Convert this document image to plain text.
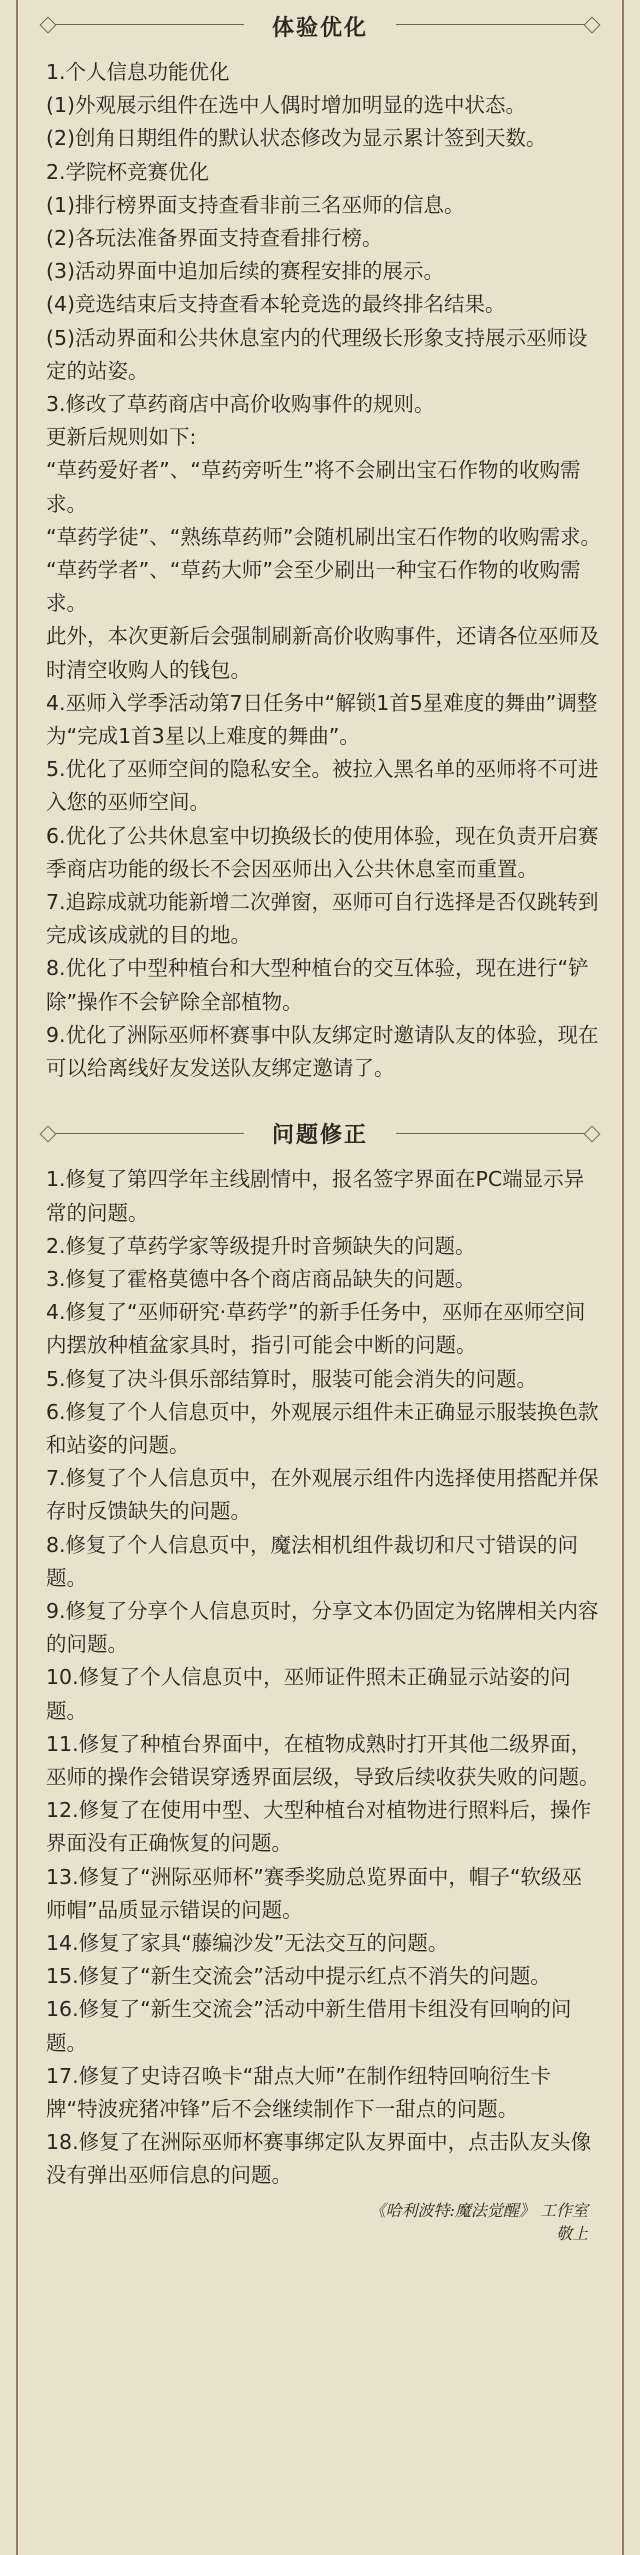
体验优化

1.个人信息功能优化

(1)外观展示组件在选中人偶时增加明显的选中状态。

(2)创角日期组件的默认状态修改为显示累计签到天数。

2.学院杯竞赛优化

(1)排行榜界面支持查看非前三名巫师的信息。

(2)各玩法准备界面支持查看排行榜。

(3)活动界面中追加后续的赛程安排的展示。

(4)竞选结束后支持查看本轮竞选的最终排名结果。

(5)活动界面和公共休息室内的代理级长形象支持展示巫师设定的站姿。

3.修改了草药商店中高价收购事件的规则。

更新后规则如下:

“草药爱好者”、“草药旁听生”将不会刷出宝石作物的收购需求。

“草药学徒”、“熟练草药师”会随机刷出宝石作物的收购需求。

“草药学者”、“草药大师”会至少刷出一种宝石作物的收购需求。

此外，本次更新后会强制刷新高价收购事件，还请各位巫师及时清空收购人的钱包。

4.巫师入学季活动第7日任务中“解锁1首5星难度的舞曲”调整为“完成1首3星以上难度的舞曲”。

5.优化了巫师空间的隐私安全。被拉入黑名单的巫师将不可进入您的巫师空间。

6.优化了公共休息室中切换级长的使用体验，现在负责开启赛季商店功能的级长不会因巫师出入公共休息室而重置。

7.追踪成就功能新增二次弹窗，巫师可自行选择是否仅跳转到完成该成就的目的地。

8.优化了中型种植台和大型种植台的交互体验，现在进行“铲除”操作不会铲除全部植物。

9.优化了洲际巫师杯赛事中队友绑定时邀请队友的体验，现在可以给离线好友发送队友绑定邀请了。

问题修正

1.修复了第四学年主线剧情中，报名签字界面在PC端显示异常的问题。

2.修复了草药学家等级提升时音频缺失的问题。

3.修复了霍格莫德中各个商店商品缺失的问题。

4.修复了“巫师研究·草药学”的新手任务中，巫师在巫师空间内摆放种植盆家具时，指引可能会中断的问题。

5.修复了决斗俱乐部结算时，服装可能会消失的问题。

6.修复了个人信息页中，外观展示组件未正确显示服装换色款和站姿的问题。

7.修复了个人信息页中，在外观展示组件内选择使用搭配并保存时反馈缺失的问题。

8.修复了个人信息页中，魔法相机组件裁切和尺寸错误的问题。

9.修复了分享个人信息页时，分享文本仍固定为铭牌相关内容的问题。

10.修复了个人信息页中，巫师证件照未正确显示站姿的问题。

11.修复了种植台界面中，在植物成熟时打开其他二级界面，巫师的操作会错误穿透界面层级，导致后续收获失败的问题。

12.修复了在使用中型、大型种植台对植物进行照料后，操作界面没有正确恢复的问题。

13.修复了“洲际巫师杯”赛季奖励总览界面中，帽子“软级巫师帽”品质显示错误的问题。

14.修复了家具“藤编沙发”无法交互的问题。

15.修复了“新生交流会”活动中提示红点不消失的问题。

16.修复了“新生交流会”活动中新生借用卡组没有回响的问题。

17.修复了史诗召唤卡“甜点大师”在制作纽特回响衍生卡牌“特波疣猪冲锋”后不会继续制作下一甜点的问题。

18.修复了在洲际巫师杯赛事绑定队友界面中，点击队友头像没有弹出巫师信息的问题。

《哈利波特:魔法觉醒》 工作室
敬上
